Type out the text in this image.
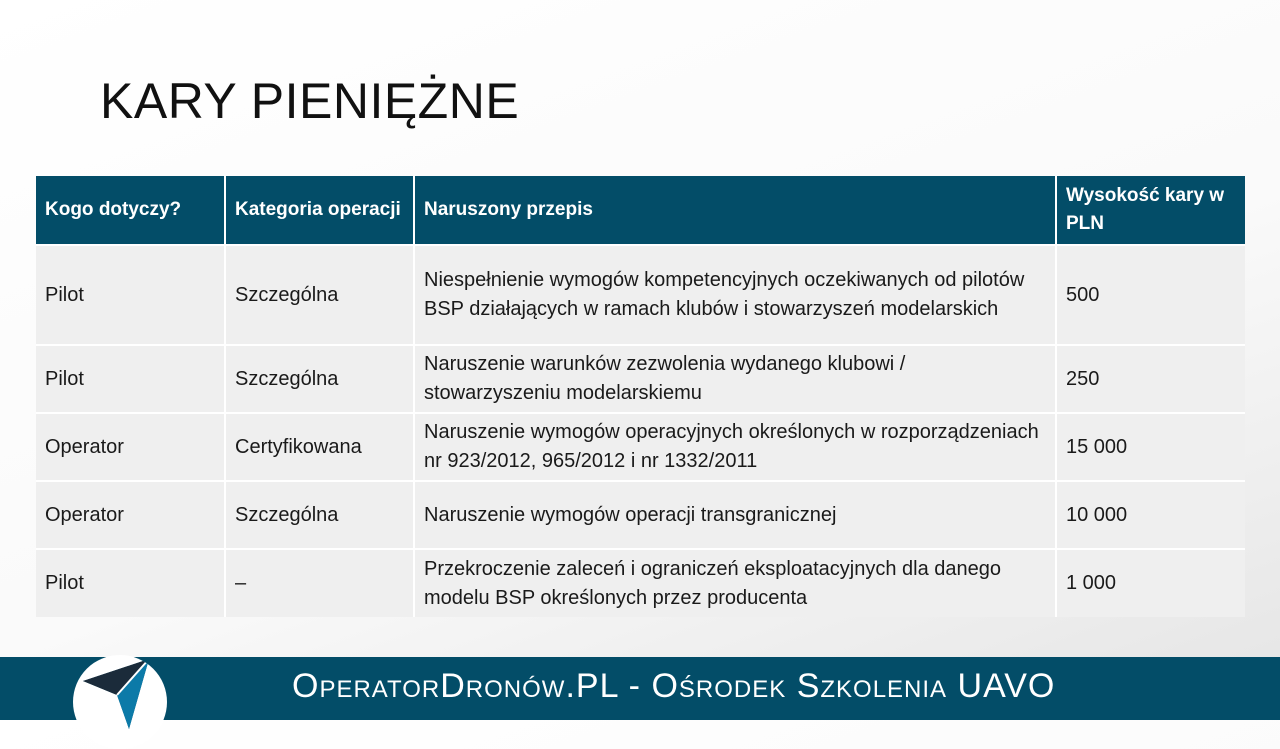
KARY PIENIĘŻNE
Kogo dotyczy?	Kategoria operacji	Naruszony przepis	Wysokość kary w PLN
Pilot	Szczególna	Niespełnienie wymogów kompetencyjnych oczekiwanych od pilotów BSP działających w ramach klubów i stowarzyszeń modelarskich	500
Pilot	Szczególna	Naruszenie warunków zezwolenia wydanego klubowi / stowarzyszeniu modelarskiemu	250
Operator	Certyfikowana	Naruszenie wymogów operacyjnych określonych w rozporządzeniach nr 923/2012, 965/2012 i nr 1332/2011	15 000
Operator	Szczególna	Naruszenie wymogów operacji transgranicznej	10 000
Pilot	–	Przekroczenie zaleceń i ograniczeń eksploatacyjnych dla danego modelu BSP określonych przez producenta	1 000
OperatorDronów.PL - Ośrodek Szkolenia UAVO
